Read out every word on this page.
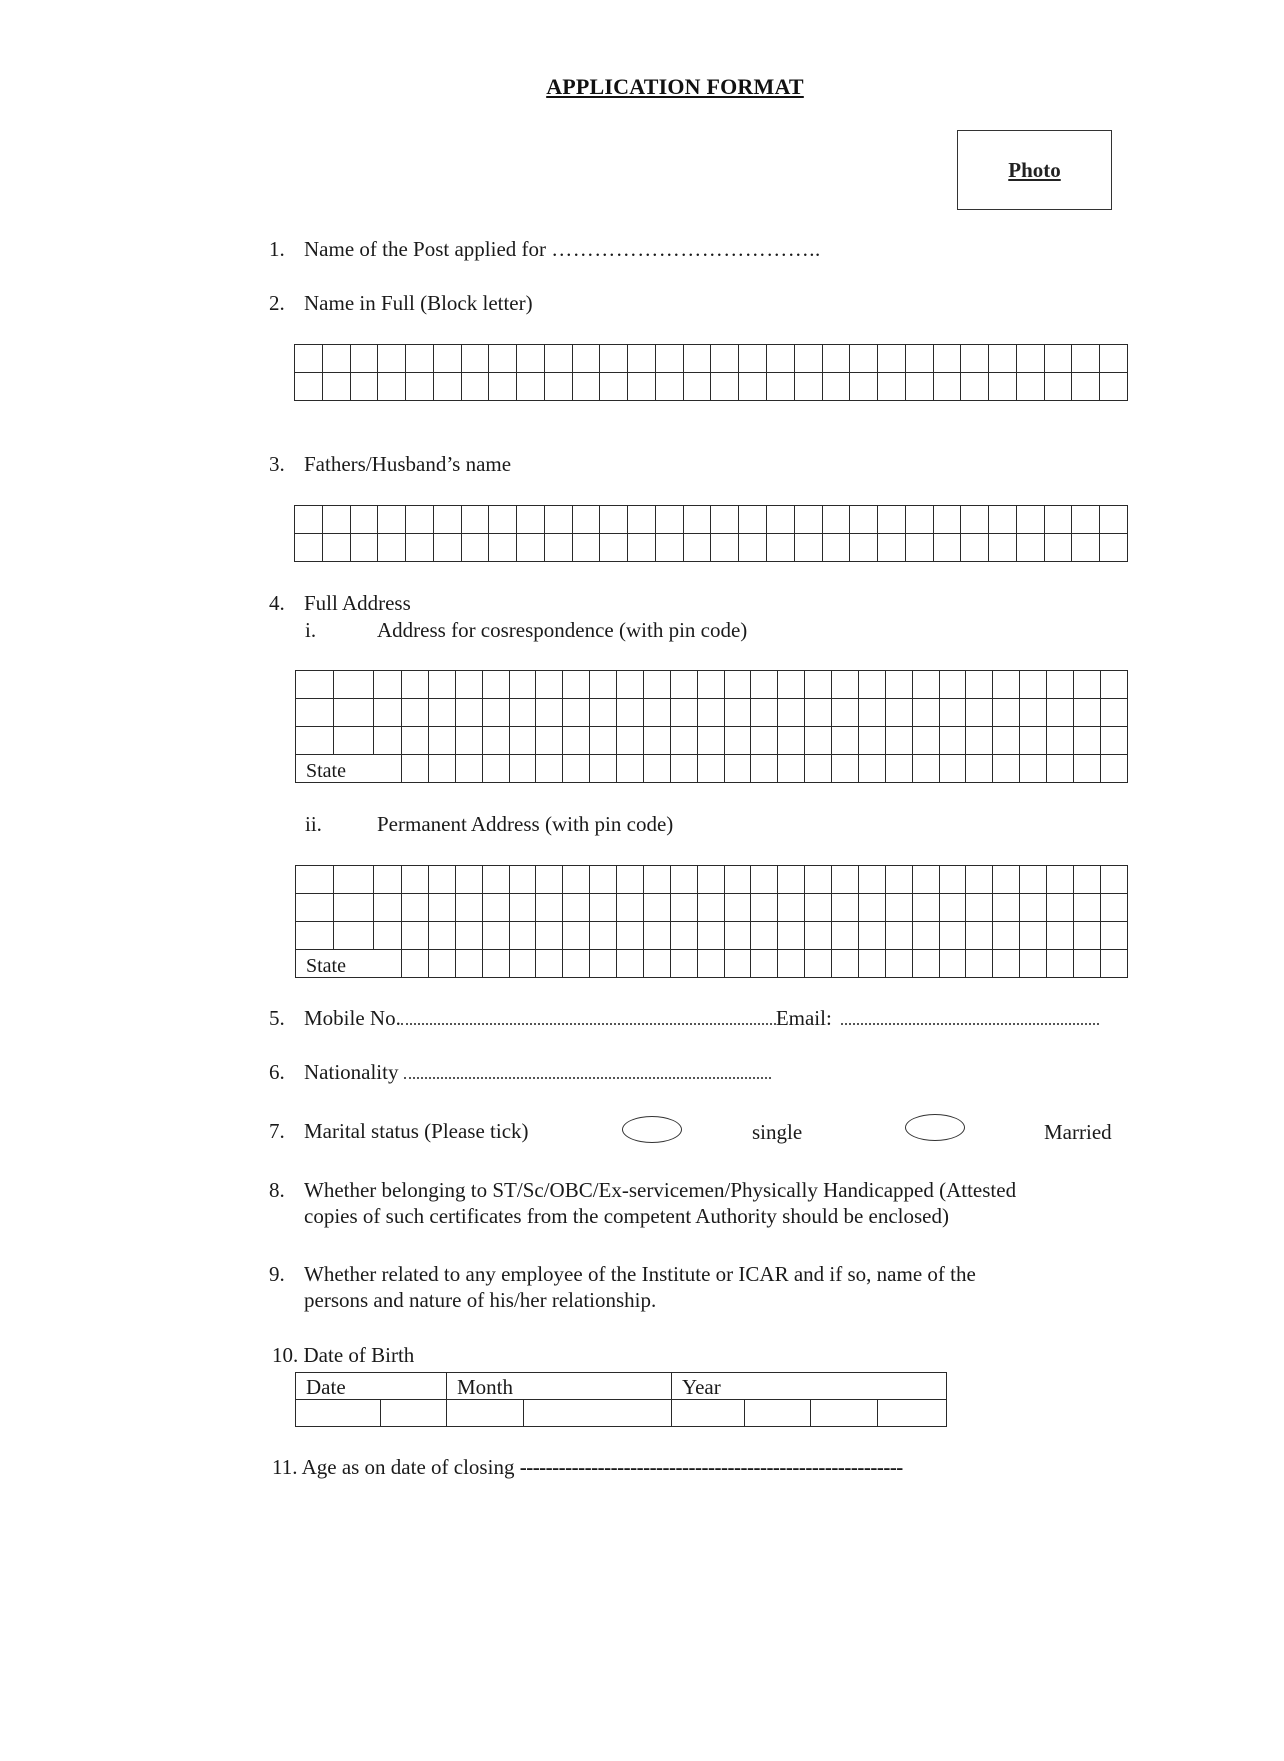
APPLICATION FORMAT
Photo
1. Name of the Post applied for ………………………………..
2. Name in Full (Block letter)

3. Fathers/Husband’s name

4. Full Address
i.	Address for cosrespondence (with pin code)

State																													
ii.	Permanent Address (with pin code)

State																													
5. Mobile No.	Email:
6. Nationality
7. Marital status (Please tick)	single	Married
8. Whether belonging to ST/Sc/OBC/Ex-servicemen/Physically Handicapped (Attested
copies of such certificates from the competent Authority should be enclosed)
9. Whether related to any employee of the Institute or ICAR and if so, name of the
persons and nature of his/her relationship.
10. Date of Birth
Date		Month		Year			

11. Age as on date of closing -----------------------------------------------------------
